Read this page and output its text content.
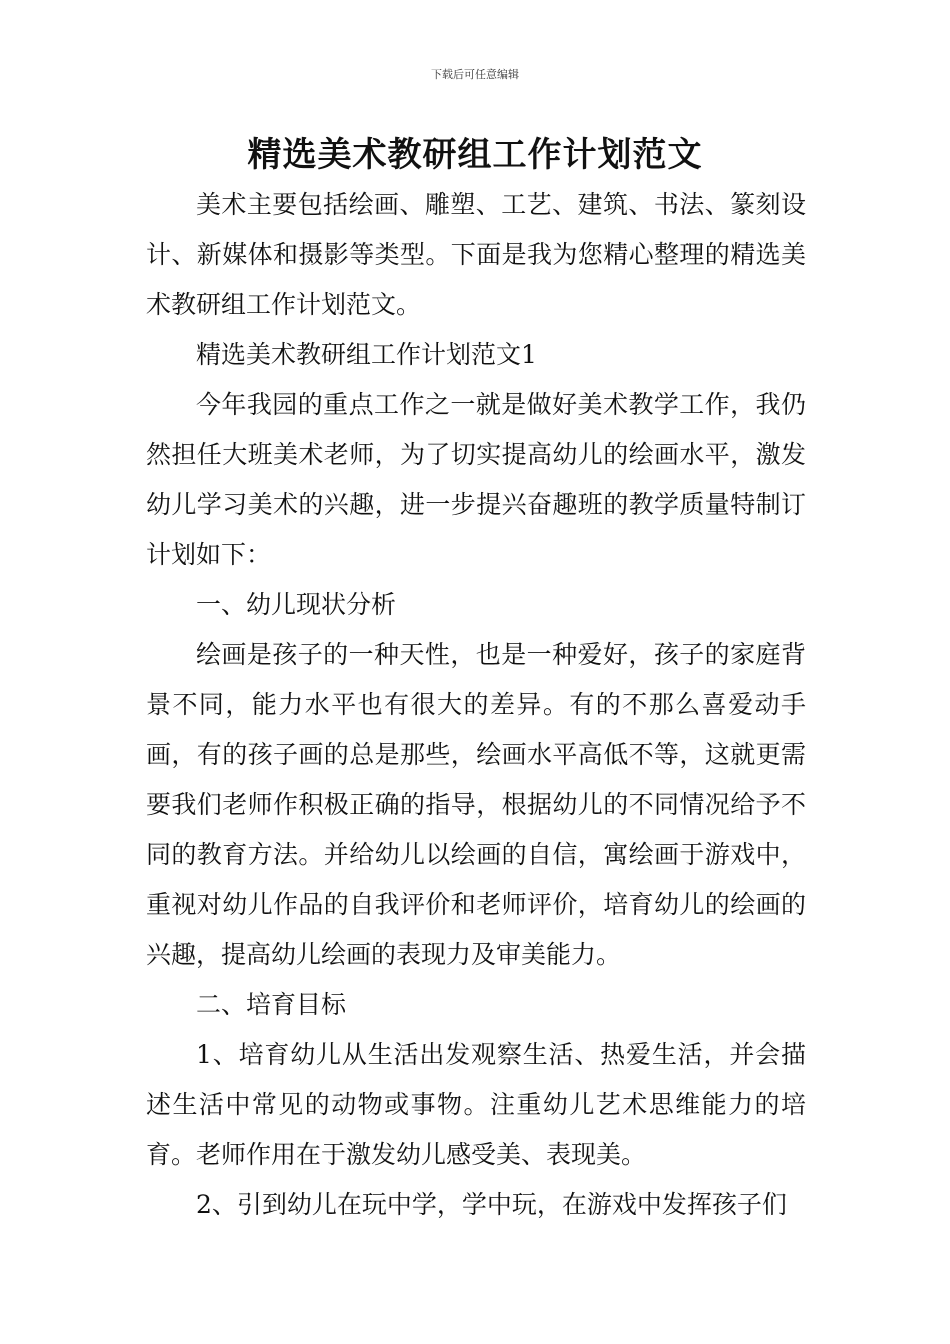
下载后可任意编辑
精选美术教研组工作计划范文

美术主要包括绘画、雕塑、工艺、建筑、书法、篆刻设计、新媒体和摄影等类型。下面是我为您精心整理的精选美术教研组工作计划范文。

精选美术教研组工作计划范文1

今年我园的重点工作之一就是做好美术教学工作，我仍然担任大班美术老师，为了切实提高幼儿的绘画水平，激发幼儿学习美术的兴趣，进一步提兴奋趣班的教学质量特制订计划如下：

一、幼儿现状分析

绘画是孩子的一种天性，也是一种爱好，孩子的家庭背景不同，能力水平也有很大的差异。有的不那么喜爱动手画，有的孩子画的总是那些，绘画水平高低不等，这就更需要我们老师作积极正确的指导，根据幼儿的不同情况给予不同的教育方法。并给幼儿以绘画的自信，寓绘画于游戏中，重视对幼儿作品的自我评价和老师评价，培育幼儿的绘画的兴趣，提高幼儿绘画的表现力及审美能力。

二、培育目标

1、培育幼儿从生活出发观察生活、热爱生活，并会描述生活中常见的动物或事物。注重幼儿艺术思维能力的培育。老师作用在于激发幼儿感受美、表现美。

2、引到幼儿在玩中学，学中玩，在游戏中发挥孩子们
